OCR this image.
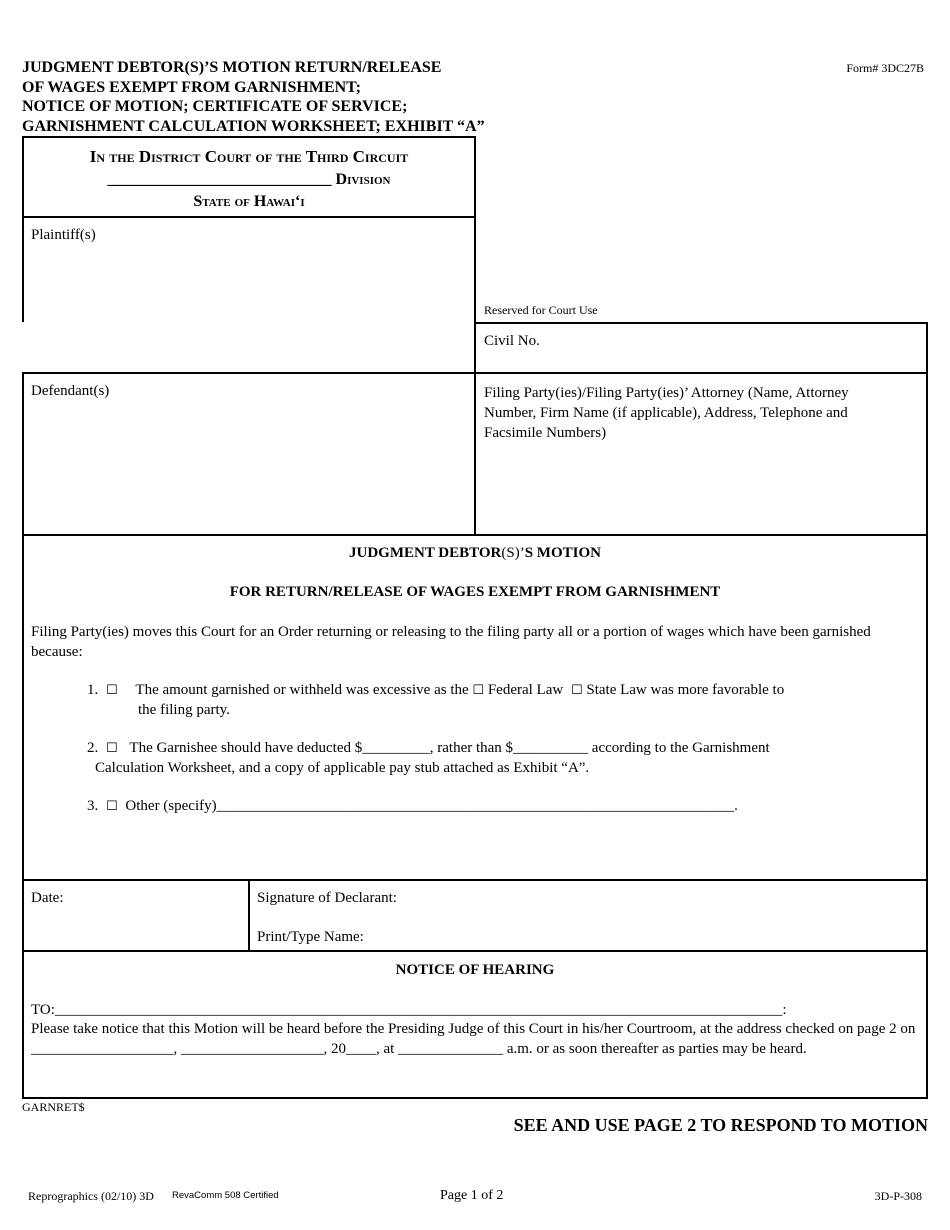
JUDGMENT DEBTOR(S)’S MOTION RETURN/RELEASE
OF WAGES EXEMPT FROM GARNISHMENT;
NOTICE OF MOTION; CERTIFICATE OF SERVICE;
GARNISHMENT CALCULATION WORKSHEET; EXHIBIT “A”
Form# 3DC27B
In the District Court of the Third Circuit
____________________________ Division
State of Hawai‘i
Plaintiff(s)
Reserved for Court Use
Civil No.
Defendant(s)	Filing Party(ies)/Filing Party(ies)’ Attorney (Name, Attorney Number, Firm Name (if applicable), Address, Telephone and Facsimile Numbers)
JUDGMENT DEBTOR(S)’S MOTION
FOR RETURN/RELEASE OF WAGES EXEMPT FROM GARNISHMENT
Filing Party(ies) moves this Court for an Order returning or releasing to the filing party all or a portion of wages which have been garnished because:
1. ☐ The amount garnished or withheld was excessive as the ☐ Federal Law ☐ State Law was more favorable to
the filing party.
2. ☐ The Garnishee should have deducted $_________, rather than $__________ according to the Garnishment
Calculation Worksheet, and a copy of applicable pay stub attached as Exhibit “A”.
3. ☐ Other (specify)_____________________________________________________________________.
Date:	Signature of Declarant:
Print/Type Name:
NOTICE OF HEARING
TO:_________________________________________________________________________________________________:
Please take notice that this Motion will be heard before the Presiding Judge of this Court in his/her Courtroom, at the address checked on page 2 on ___________________, ___________________, 20____, at ______________ a.m. or as soon thereafter as parties may be heard.
GARNRET$
SEE AND USE PAGE 2 TO RESPOND TO MOTION
Reprographics (02/10) 3D RevaComm 508 Certified	Page 1 of 2	3D-P-308
